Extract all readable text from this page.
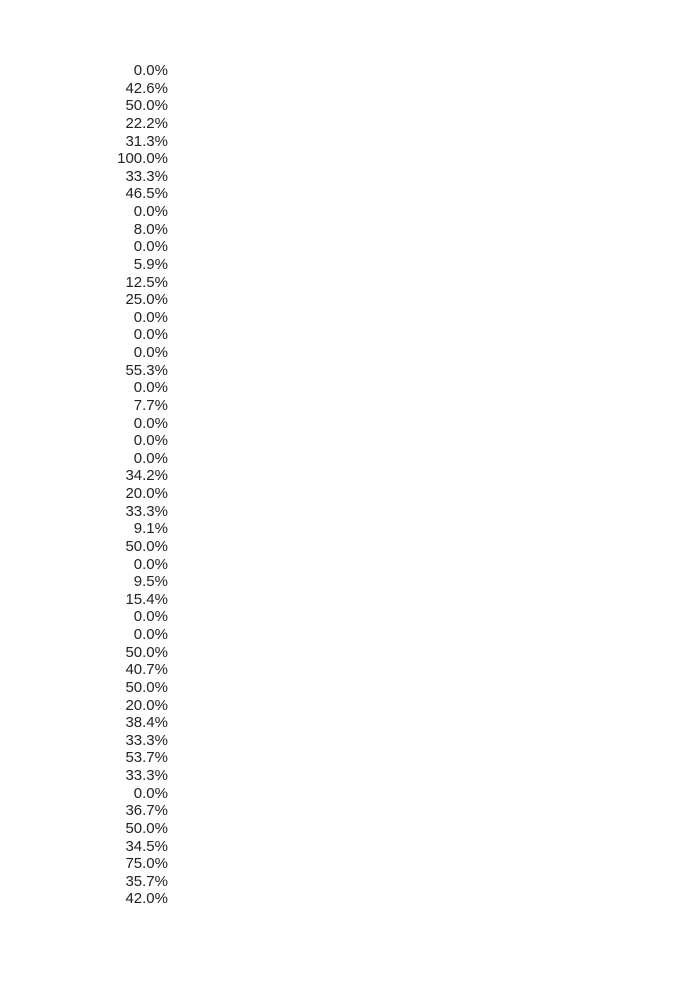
0.0%
42.6%
50.0%
22.2%
31.3%
100.0%
33.3%
46.5%
0.0%
8.0%
0.0%
5.9%
12.5%
25.0%
0.0%
0.0%
0.0%
55.3%
0.0%
7.7%
0.0%
0.0%
0.0%
34.2%
20.0%
33.3%
9.1%
50.0%
0.0%
9.5%
15.4%
0.0%
0.0%
50.0%
40.7%
50.0%
20.0%
38.4%
33.3%
53.7%
33.3%
0.0%
36.7%
50.0%
34.5%
75.0%
35.7%
42.0%
